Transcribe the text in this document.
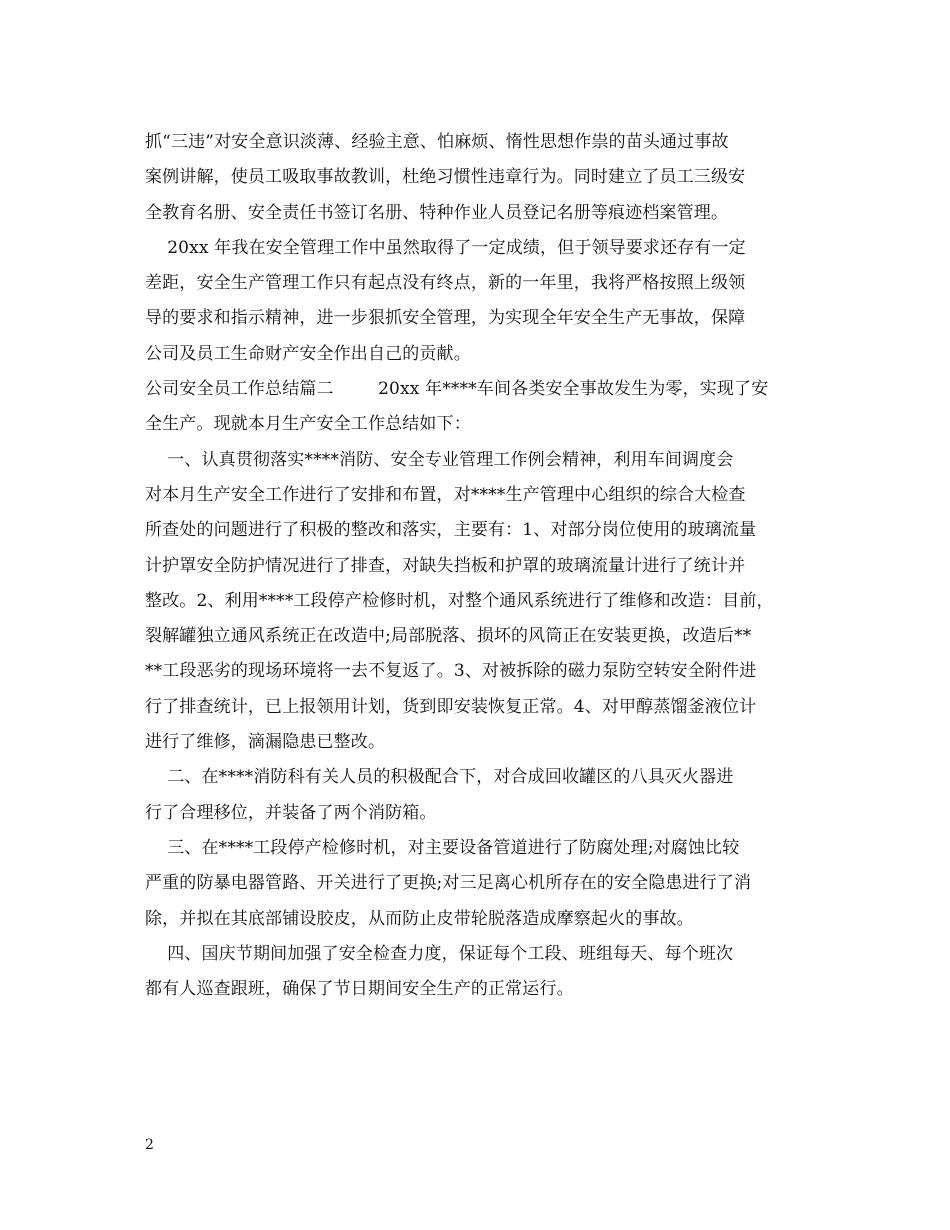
抓“三违”对安全意识淡薄、经验主意、怕麻烦、惰性思想作祟的苗头通过事故
案例讲解，使员工吸取事故教训，杜绝习惯性违章行为。同时建立了员工三级安
全教育名册、安全责任书签订名册、特种作业人员登记名册等痕迹档案管理。
20xx 年我在安全管理工作中虽然取得了一定成绩，但于领导要求还存有一定
差距，安全生产管理工作只有起点没有终点，新的一年里，我将严格按照上级领
导的要求和指示精神，进一步狠抓安全管理，为实现全年安全生产无事故，保障
公司及员工生命财产安全作出自己的贡献。
公司安全员工作总结篇二        20xx 年****车间各类安全事故发生为零，实现了安
全生产。现就本月生产安全工作总结如下：
一、认真贯彻落实****消防、安全专业管理工作例会精神，利用车间调度会
对本月生产安全工作进行了安排和布置，对****生产管理中心组织的综合大检查
所查处的问题进行了积极的整改和落实，主要有：1、对部分岗位使用的玻璃流量
计护罩安全防护情况进行了排查，对缺失挡板和护罩的玻璃流量计进行了统计并
整改。2、利用****工段停产检修时机，对整个通风系统进行了维修和改造：目前，
裂解罐独立通风系统正在改造中;局部脱落、损坏的风筒正在安装更换，改造后**
**工段恶劣的现场环境将一去不复返了。3、对被拆除的磁力泵防空转安全附件进
行了排查统计，已上报领用计划，货到即安装恢复正常。4、对甲醇蒸馏釜液位计
进行了维修，滴漏隐患已整改。
二、在****消防科有关人员的积极配合下，对合成回收罐区的八具灭火器进
行了合理移位，并装备了两个消防箱。
三、在****工段停产检修时机，对主要设备管道进行了防腐处理;对腐蚀比较
严重的防暴电器管路、开关进行了更换;对三足离心机所存在的安全隐患进行了消
除，并拟在其底部铺设胶皮，从而防止皮带轮脱落造成摩察起火的事故。
四、国庆节期间加强了安全检查力度，保证每个工段、班组每天、每个班次
都有人巡查跟班，确保了节日期间安全生产的正常运行。
2
